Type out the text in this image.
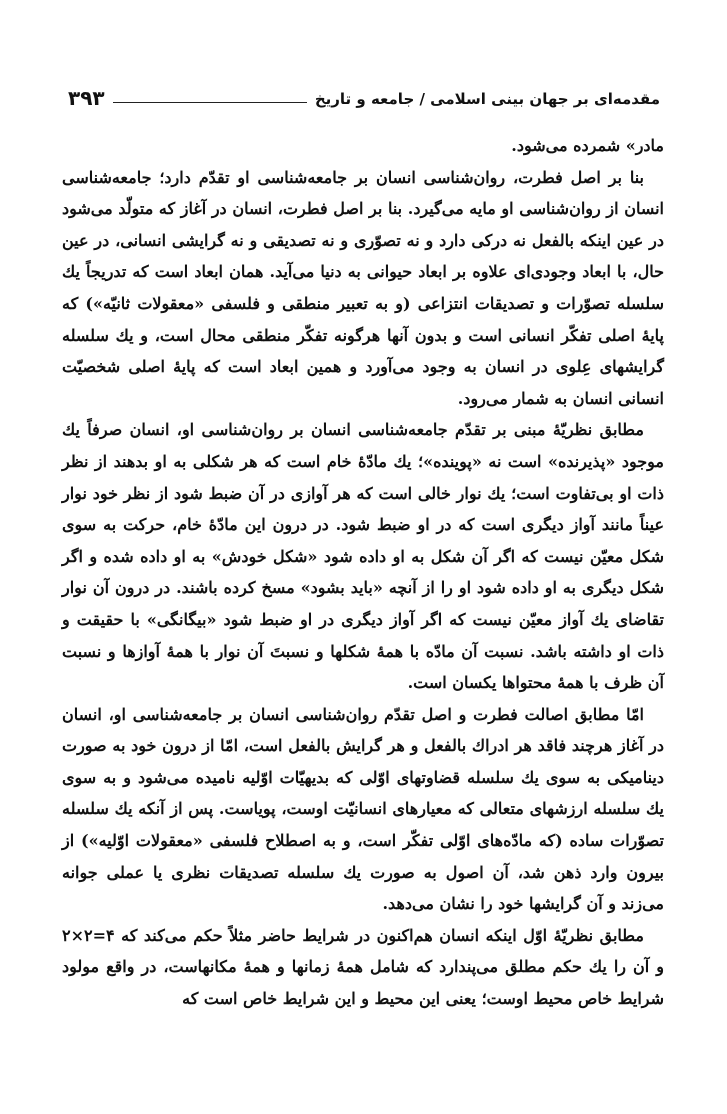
مقدمه‌ای بر جهان بینی اسلامی / جامعه و تاریخ
۳۹۳

مادر» شمرده می‌شود.

بنا بر اصل فطرت، روان‌شناسی انسان بر جامعه‌شناسی او تقدّم دارد؛ جامعه‌شناسی انسان از روان‌شناسی او مایه می‌گیرد. بنا بر اصل فطرت، انسان در آغاز که متولّد می‌شود در عین اینکه بالفعل نه درکی دارد و نه تصوّری و نه تصدیقی و نه گرایشی انسانی، در عین حال، با ابعاد وجودی‌ای علاوه بر ابعاد حیوانی به دنیا می‌آید. همان ابعاد است که تدریجاً یك سلسله تصوّرات و تصدیقات انتزاعی (و به تعبیر منطقی و فلسفی «معقولات ثانیّه») که پایهٔ اصلی تفکّر انسانی است و بدون آنها هرگونه تفکّر منطقی محال است، و یك سلسله گرایشهای عِلوی در انسان به وجود می‌آورد و همین ابعاد است که پایهٔ اصلی شخصیّت انسانی انسان به شمار می‌رود.

مطابق نظریّهٔ مبنی بر تقدّم جامعه‌شناسی انسان بر روان‌شناسی او، انسان صرفاً یك موجود «پذیرنده» است نه «پوینده»؛ یك مادّهٔ خام است که هر شکلی به او بدهند از نظر ذات او بی‌تفاوت است؛ یك نوار خالی است که هر آوازی در آن ضبط شود از نظر خود نوار عیناً مانند آواز دیگری است که در او ضبط شود. در درون این مادّهٔ خام، حرکت به سوی شکل معیّن نیست که اگر آن شکل به او داده شود «شکل خودش» به او داده شده و اگر شکل دیگری به او داده شود او را از آنچه «باید بشود» مسخ کرده باشند. در درون آن نوار تقاضای یك آواز معیّن نیست که اگر آواز دیگری در او ضبط شود «بیگانگی» با حقیقت و ذات او داشته باشد. نسبت آن مادّه با همهٔ شکلها و نسبتَ آن نوار با همهٔ آوازها و نسبت آن ظرف با همهٔ محتواها یکسان است.

امّا مطابق اصالت فطرت و اصل تقدّم روان‌شناسی انسان بر جامعه‌شناسی او، انسان در آغاز هرچند فاقد هر ادراك بالفعل و هر گرایش بالفعل است، امّا از درون خود به صورت دینامیکی به سوی یك سلسله قضاوتهای اوّلی که بدیهیّات اوّلیه نامیده می‌شود و به سوی یك سلسله ارزشهای متعالی که معیارهای انسانیّت اوست، پویاست. پس از آنکه یك سلسله تصوّرات ساده (که مادّه‌های اوّلی تفکّر است، و به اصطلاح فلسفی «معقولات اوّلیه») از بیرون وارد ذهن شد، آن اصول به صورت یك سلسله تصدیقات نظری یا عملی جوانه می‌زند و آن گرایشها خود را نشان می‌دهد.

مطابق نظریّهٔ اوّل اینکه انسان هم‌اکنون در شرایط حاضر مثلاً حکم می‌کند که ۴=۲×۲ و آن را یك حکم مطلق می‌پندارد که شامل همهٔ زمانها و همهٔ مکانهاست، در واقع مولود شرایط خاص محیط اوست؛ یعنی این محیط و این شرایط خاص است که
